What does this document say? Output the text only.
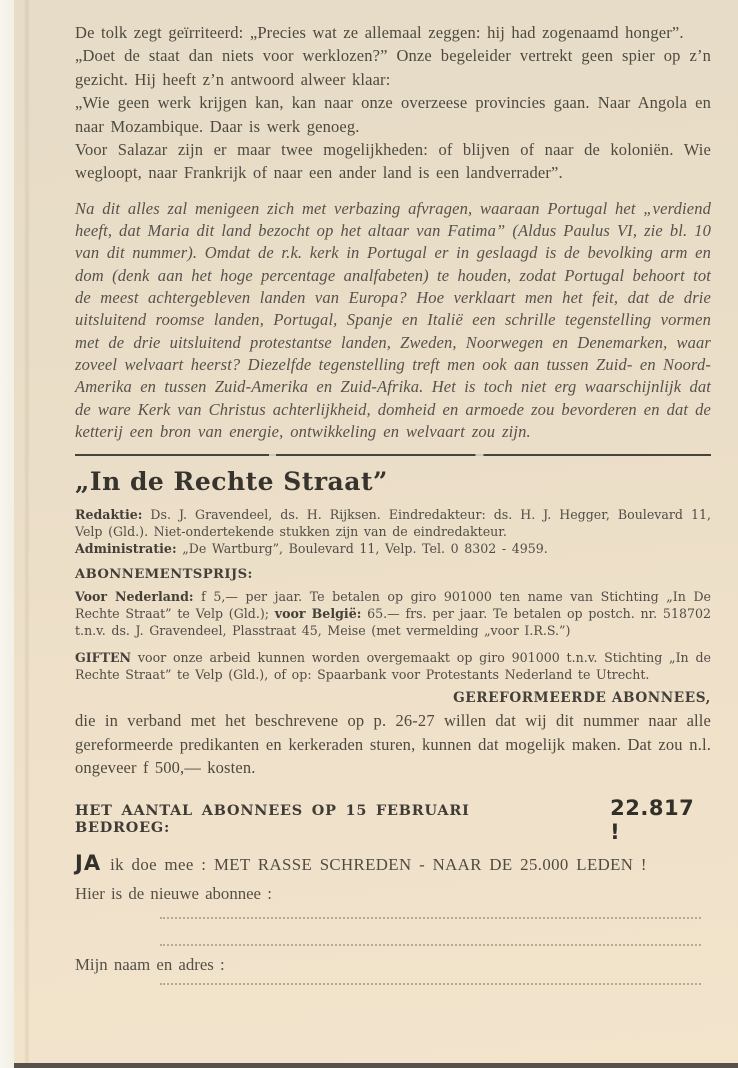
De tolk zegt geïrriteerd: „Precies wat ze allemaal zeggen: hij had zogenaamd honger”.

„Doet de staat dan niets voor werklozen?” Onze begeleider vertrekt geen spier op z’n gezicht. Hij heeft z’n antwoord alweer klaar:

„Wie geen werk krijgen kan, kan naar onze overzeese provincies gaan. Naar Angola en naar Mozambique. Daar is werk genoeg.

Voor Salazar zijn er maar twee mogelijkheden: of blijven of naar de koloniën. Wie wegloopt, naar Frankrijk of naar een ander land is een landverrader”.

Na dit alles zal menigeen zich met verbazing afvragen, waaraan Portugal het „verdiend heeft, dat Maria dit land bezocht op het altaar van Fatima” (Aldus Paulus VI, zie bl. 10 van dit nummer). Omdat de r.k. kerk in Portugal er in geslaagd is de bevolking arm en dom (denk aan het hoge percentage analfabeten) te houden, zodat Portugal behoort tot de meest achtergebleven landen van Europa? Hoe verklaart men het feit, dat de drie uitsluitend roomse landen, Portugal, Spanje en Italië een schrille tegenstelling vormen met de drie uitsluitend protestantse landen, Zweden, Noorwegen en Denemarken, waar zoveel welvaart heerst? Diezelfde tegenstelling treft men ook aan tussen Zuid- en Noord-Amerika en tussen Zuid-Amerika en Zuid-Afrika. Het is toch niet erg waarschijnlijk dat de ware Kerk van Christus achterlijkheid, domheid en armoede zou bevorderen en dat de ketterij een bron van energie, ontwikkeling en welvaart zou zijn.

„In de Rechte Straat”

Redaktie: Ds. J. Gravendeel, ds. H. Rijksen. Eindredakteur: ds. H. J. Hegger, Boulevard 11, Velp (Gld.). Niet-ondertekende stukken zijn van de eindredakteur.
Administratie: „De Wartburg”, Boulevard 11, Velp. Tel. 0 8302 - 4959.

ABONNEMENTSPRIJS:

Voor Nederland: f 5,— per jaar. Te betalen op giro 901000 ten name van Stichting „In De Rechte Straat” te Velp (Gld.); voor België: 65.— frs. per jaar. Te betalen op postch. nr. 518702 t.n.v. ds. J. Gravendeel, Plasstraat 45, Meise (met vermelding „voor I.R.S.”)

GIFTEN voor onze arbeid kunnen worden overgemaakt op giro 901000 t.n.v. Stichting „In de Rechte Straat” te Velp (Gld.), of op: Spaarbank voor Protestants Nederland te Utrecht.

GEREFORMEERDE ABONNEES,

die in verband met het beschrevene op p. 26-27 willen dat wij dit nummer naar alle gereformeerde predikanten en kerkeraden sturen, kunnen dat mogelijk maken. Dat zou n.l. ongeveer f 500,— kosten.

HET AANTAL ABONNEES OP 15 FEBRUARI BEDROEG:
22.817 !
JA ik doe mee : MET RASSE SCHREDEN - NAAR DE 25.000 LEDEN !
Hier is de nieuwe abonnee :
Mijn naam en adres :
